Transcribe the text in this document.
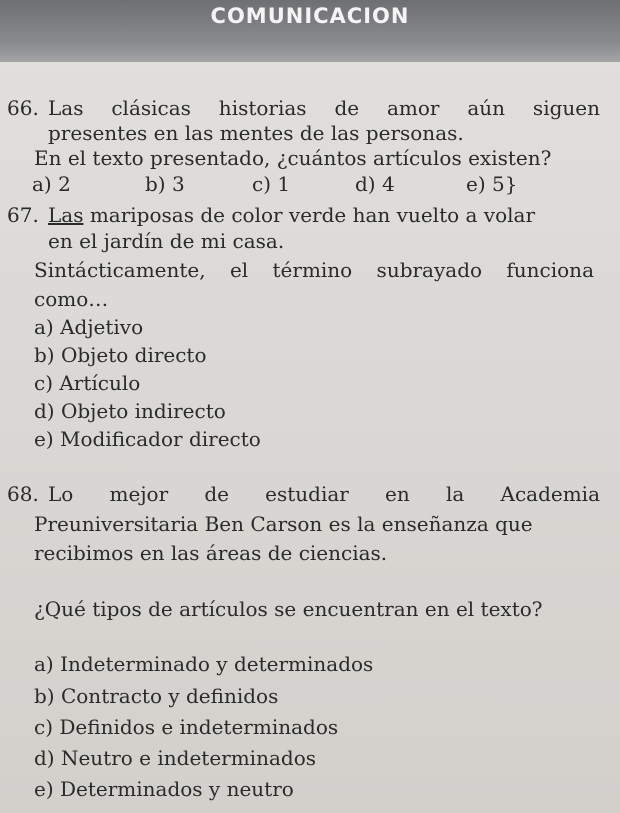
COMUNICACION
66. Las clásicas historias de amor aún siguen
presentes en las mentes de las personas.
En el texto presentado, ¿cuántos artículos existen?
a) 2	b) 3	c) 1	d) 4	e) 5}
67. Las mariposas de color verde han vuelto a volar
en el jardín de mi casa.
Sintácticamente, el término subrayado funciona
como…
a) Adjetivo
b) Objeto directo
c) Artículo
d) Objeto indirecto
e) Modificador directo
68. Lo mejor de estudiar en la Academia
Preuniversitaria Ben Carson es la enseñanza que
recibimos en las áreas de ciencias.
¿Qué tipos de artículos se encuentran en el texto?
a) Indeterminado y determinados
b) Contracto y definidos
c) Definidos e indeterminados
d) Neutro e indeterminados
e) Determinados y neutro
